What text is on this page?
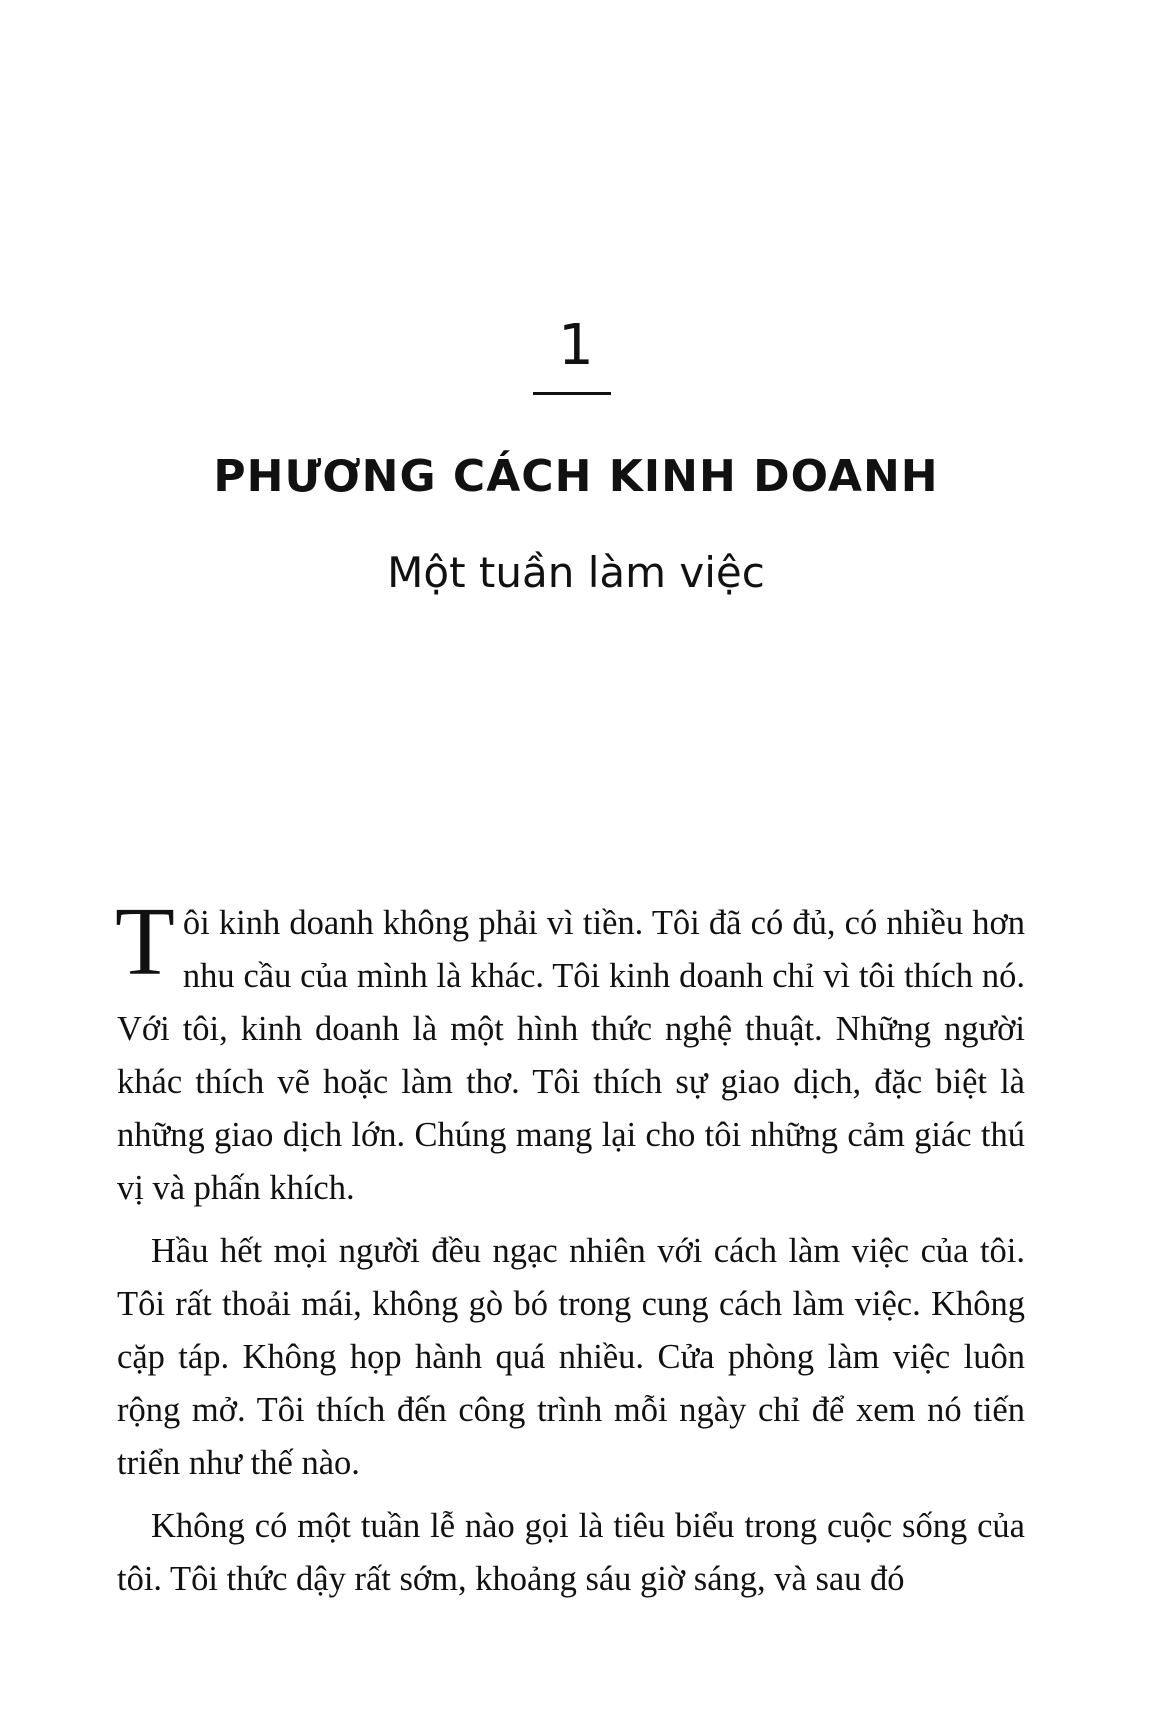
1
PHƯƠNG CÁCH KINH DOANH
Một tuần làm việc

Tôi kinh doanh không phải vì tiền. Tôi đã có đủ, có nhiều hơn nhu cầu của mình là khác. Tôi kinh doanh chỉ vì tôi thích nó. Với tôi, kinh doanh là một hình thức nghệ thuật. Những người khác thích vẽ hoặc làm thơ. Tôi thích sự giao dịch, đặc biệt là những giao dịch lớn. Chúng mang lại cho tôi những cảm giác thú vị và phấn khích.

Hầu hết mọi người đều ngạc nhiên với cách làm việc của tôi. Tôi rất thoải mái, không gò bó trong cung cách làm việc. Không cặp táp. Không họp hành quá nhiều. Cửa phòng làm việc luôn rộng mở. Tôi thích đến công trình mỗi ngày chỉ để xem nó tiến triển như thế nào.

Không có một tuần lễ nào gọi là tiêu biểu trong cuộc sống của tôi. Tôi thức dậy rất sớm, khoảng sáu giờ sáng, và sau đó
